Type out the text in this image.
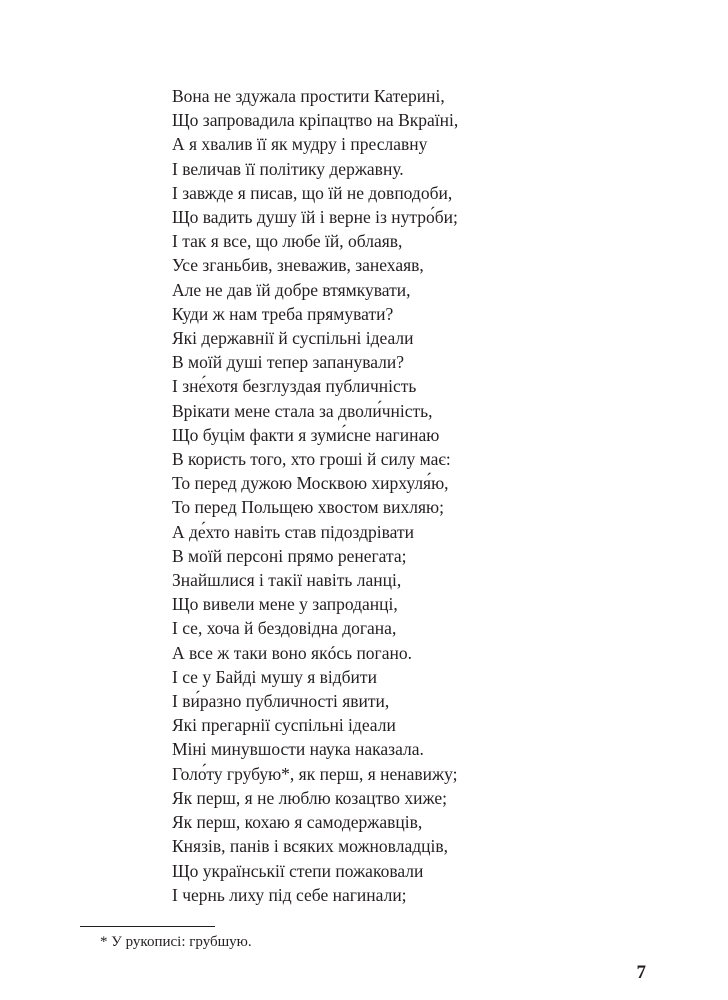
Вона не здужала простити Катерині,
Що запровадила кріпацтво на Вкраїні,
А я хвалив її як мудру і преславну
І величав її політику державну.
І завжде я писав, що їй не довподоби,
Що вадить душу їй і верне із нутро́би;
І так я все, що любе їй, облаяв,
Усе зганьбив, зневажив, занехаяв,
Але не дав їй добре втямкувати,
Куди ж нам треба прямувати?
Які державнії й суспільні ідеали
В моїй душі тепер запанували?
І зне́хотя безглуздая публичність
Врікати мене стала за дволи́чність,
Що буцім факти я зуми́сне нагинаю
В користь того, хто гроші й силу має:
То перед дужою Москвою хирхуля́ю,
То перед Польщею хвостом вихляю;
А де́хто навіть став підоздрівати
В моїй персоні прямо ренегата;
Знайшлися і такії навіть ланці,
Що вивели мене у запроданці,
І се, хоча й бездовідна догана,
А все ж таки воно якóсь погано.
І се у Байді мушу я відбити
І ви́разно публичності явити,
Які прегарнії суспільні ідеали
Міні минувшости наука наказала.
Голо́ту грубую*, як перш, я ненавижу;
Як перш, я не люблю козацтво хиже;
Як перш, кохаю я самодержавців,
Князів, панів і всяких можновладців,
Що українськії степи пожаковали
І чернь лиху під себе нагинали;
* У рукописі: грубшую.
7
